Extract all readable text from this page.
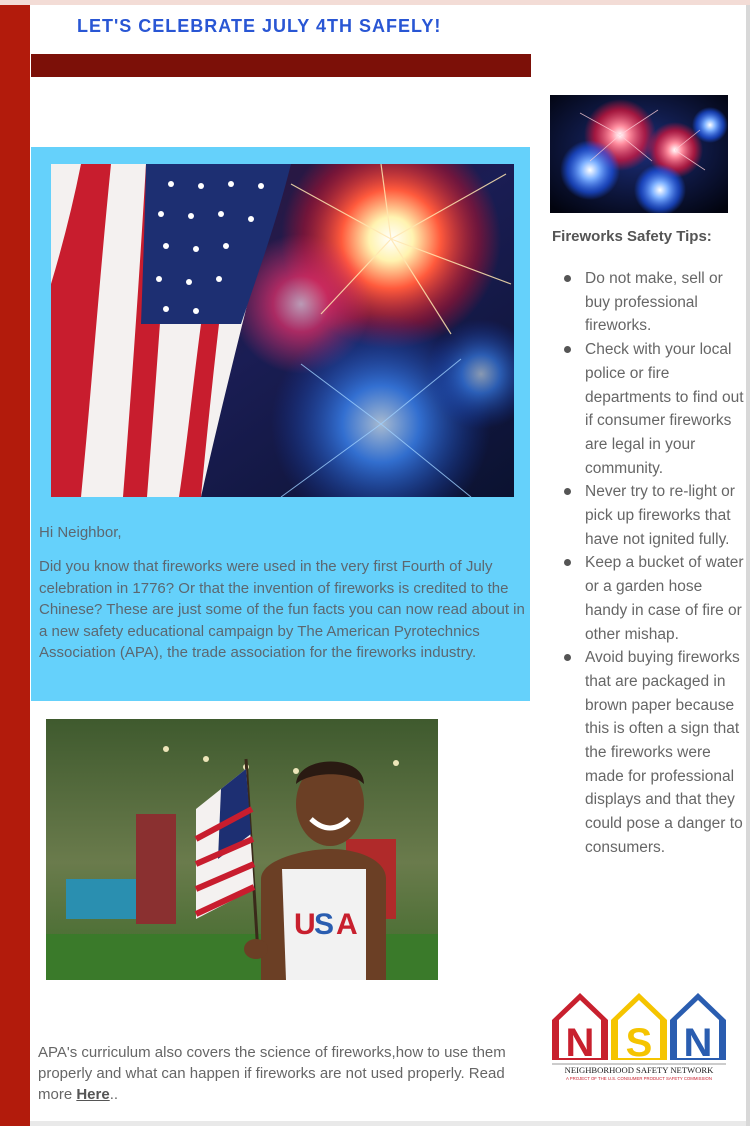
LET'S CELEBRATE JULY 4TH SAFELY!
Fireworks Safety Tips:
Do not make, sell or buy professional fireworks.
Check with your local police or fire departments to find out if consumer fireworks are legal in your community.
Never try to re-light or pick up fireworks that have not ignited fully.
Keep a bucket of water or a garden hose handy in case of fire or other mishap.
Avoid buying fireworks that are packaged in brown paper because this is often a sign that the fireworks were made for professional displays and that they could pose a danger to consumers.

Hi Neighbor,

Did you know that fireworks were used in the very first Fourth of July celebration in 1776? Or that the invention of fireworks is credited to the Chinese? These are just some of the fun facts you can now read about in a new safety educational campaign by The American Pyrotechnics Association (APA), the trade association for the fireworks industry.

U
S A

APA's curriculum also covers the science of fireworks,how to use them properly and what can happen if fireworks are not used properly. Read more Here..

N S N
NEIGHBORHOOD SAFETY NETWORK
A PROJECT OF THE U.S. CONSUMER PRODUCT SAFETY COMMISSION
